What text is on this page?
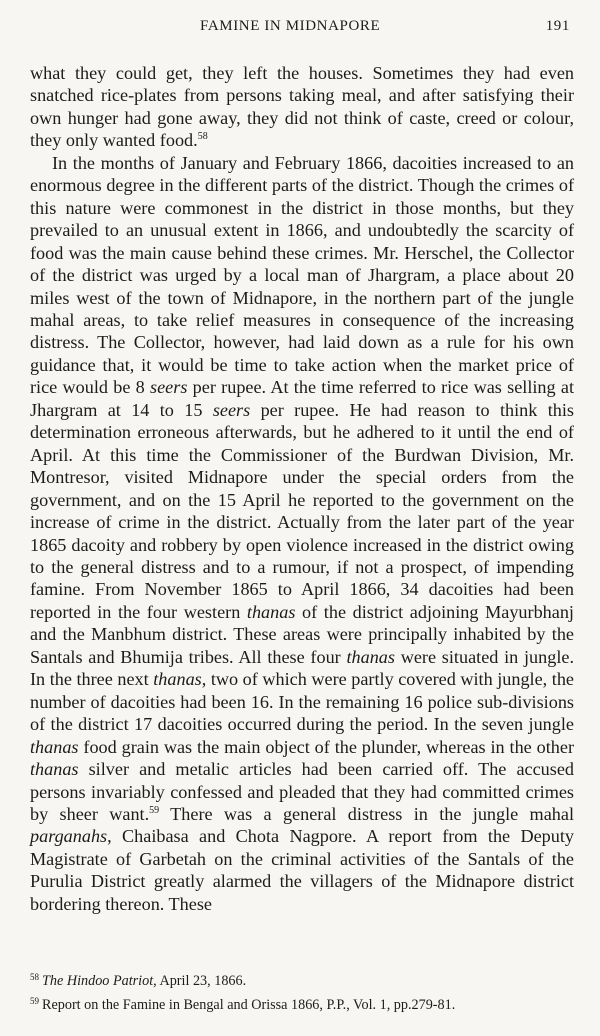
FAMINE IN MIDNAPORE	191

what they could get, they left the houses. Sometimes they had even snatched rice-plates from persons taking meal, and after satisfying their own hunger had gone away, they did not think of caste, creed or colour, they only wanted food.$^{58}$

In the months of January and February 1866, dacoities increased to an enormous degree in the different parts of the district. Though the crimes of this nature were commonest in the district in those months, but they prevailed to an unusual extent in 1866, and undoubtedly the scarcity of food was the main cause behind these crimes. Mr. Herschel, the Collector of the district was urged by a local man of Jhargram, a place about 20 miles west of the town of Midnapore, in the northern part of the jungle mahal areas, to take relief measures in consequence of the increasing distress. The Collector, however, had laid down as a rule for his own guidance that, it would be time to take action when the market price of rice would be 8 seers per rupee. At the time referred to rice was selling at Jhargram at 14 to 15 seers per rupee. He had reason to think this determination erroneous afterwards, but he adhered to it until the end of April. At this time the Commissioner of the Burdwan Division, Mr. Montresor, visited Midnapore under the special orders from the government, and on the 15 April he reported to the government on the increase of crime in the district. Actually from the later part of the year 1865 dacoity and robbery by open violence increased in the district owing to the general distress and to a rumour, if not a prospect, of impending famine. From November 1865 to April 1866, 34 dacoities had been reported in the four western thanas of the district adjoining Mayurbhanj and the Manbhum district. These areas were principally inhabited by the Santals and Bhumija tribes. All these four thanas were situated in jungle. In the three next thanas, two of which were partly covered with jungle, the number of dacoities had been 16. In the remaining 16 police sub-divisions of the district 17 dacoities occurred during the period. In the seven jungle thanas food grain was the main object of the plunder, whereas in the other thanas silver and metalic articles had been carried off. The accused persons invariably confessed and pleaded that they had committed crimes by sheer want.$^{59}$ There was a general distress in the jungle mahal parganahs, Chaibasa and Chota Nagpore. A report from the Deputy Magistrate of Garbetah on the criminal activities of the Santals of the Purulia District greatly alarmed the villagers of the Midnapore district bordering thereon. These

$^{58}$ The Hindoo Patriot, April 23, 1866.
$^{59}$ Report on the Famine in Bengal and Orissa 1866, P.P., Vol. 1, pp.279-81.
